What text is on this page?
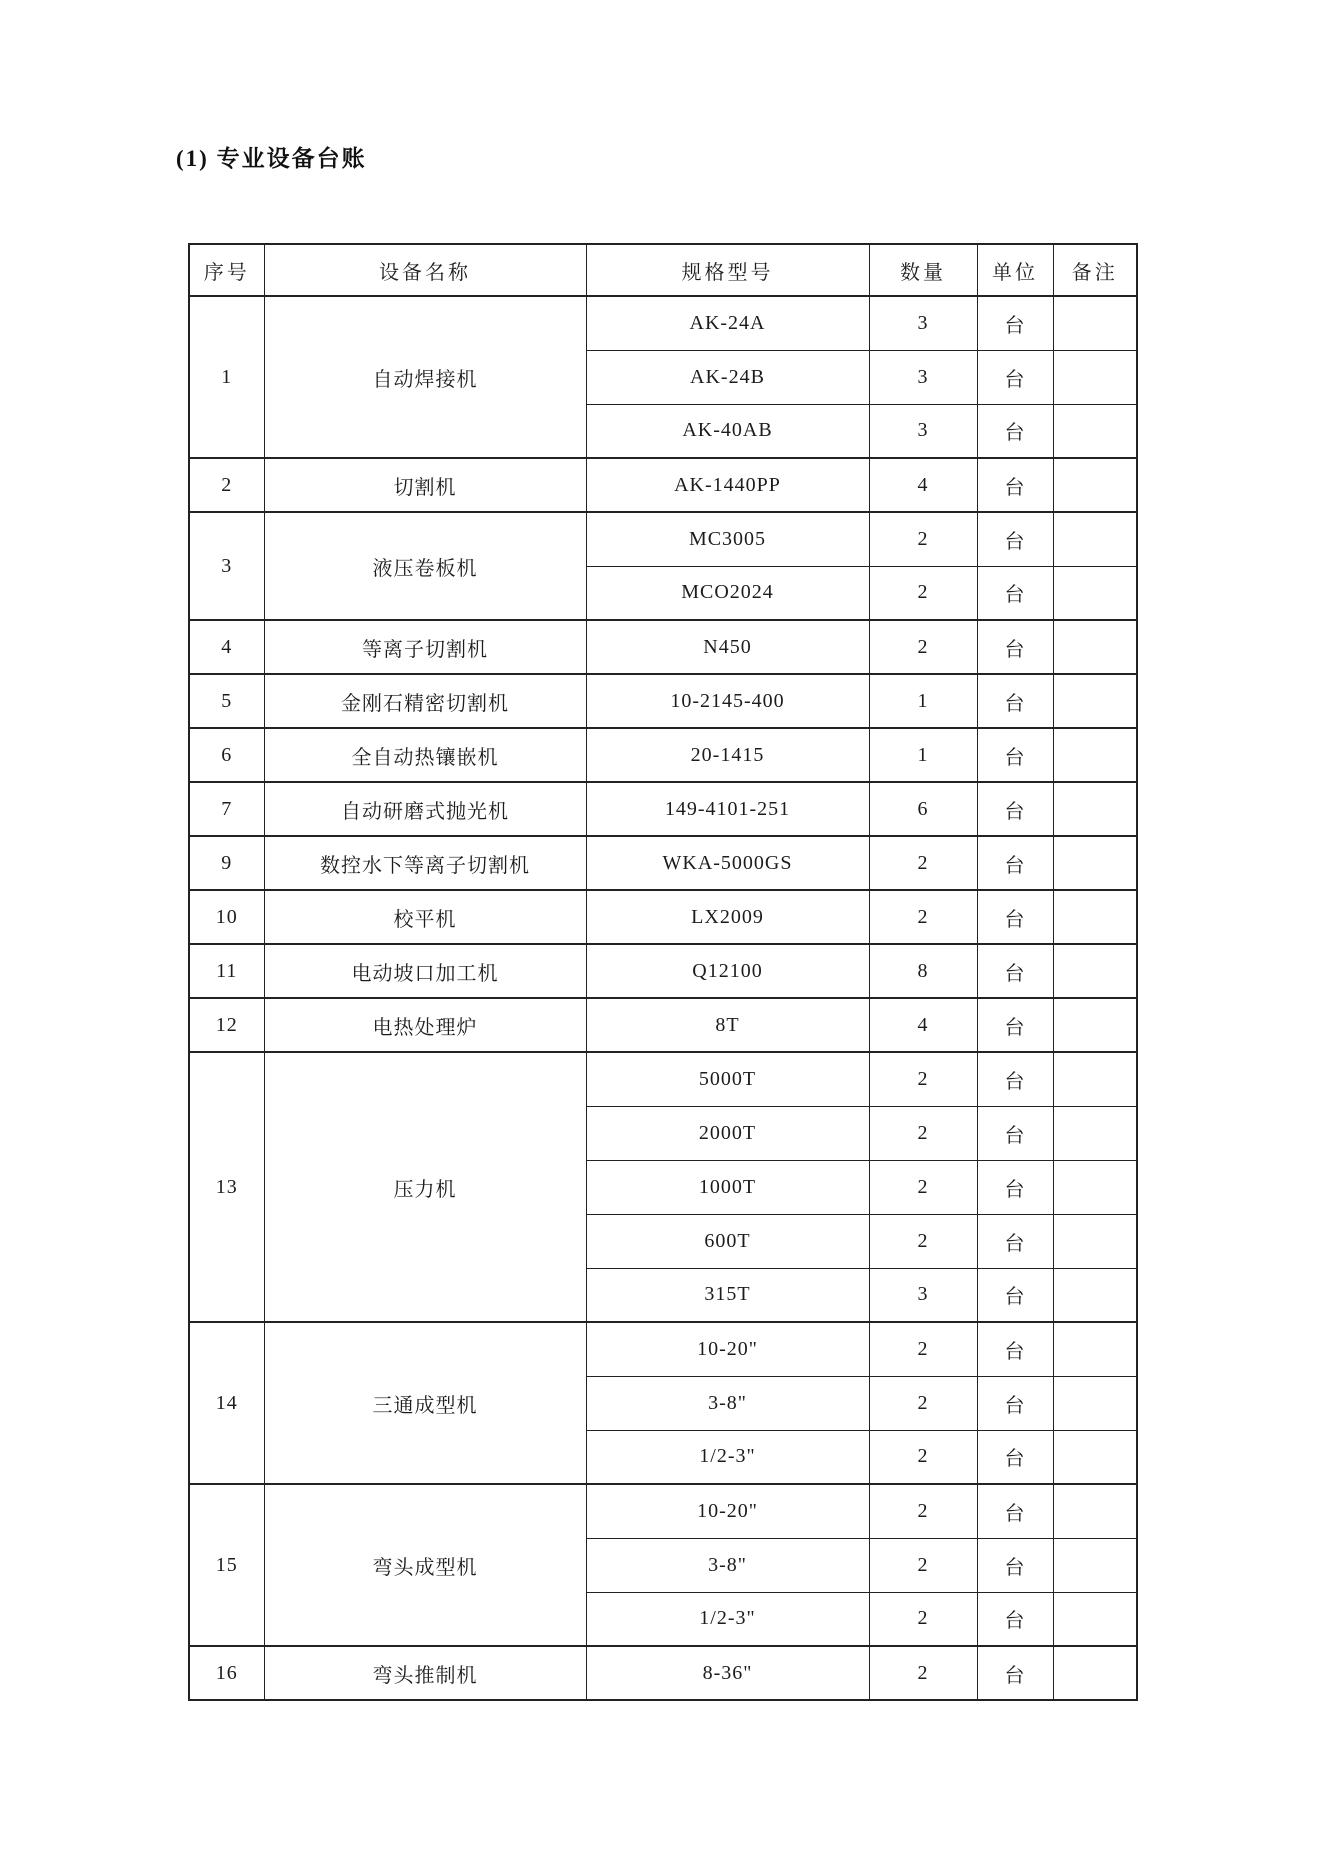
(1) 专业设备台账
序号	设备名称	规格型号	数量	单位	备注
1	自动焊接机	AK-24A	3	台	
		AK-24B	3	台	
		AK-40AB	3	台	
2	切割机	AK-1440PP	4	台	
3	液压卷板机	MC3005	2	台	
		MCO2024	2	台	
4	等离子切割机	N450	2	台	
5	金刚石精密切割机	10-2145-400	1	台	
6	全自动热镶嵌机	20-1415	1	台	
7	自动研磨式抛光机	149-4101-251	6	台	
9	数控水下等离子切割机	WKA-5000GS	2	台	
10	校平机	LX2009	2	台	
11	电动坡口加工机	Q12100	8	台	
12	电热处理炉	8T	4	台	
13	压力机	5000T	2	台	
		2000T	2	台	
		1000T	2	台	
		600T	2	台	
		315T	3	台	
14	三通成型机	10-20"	2	台	
		3-8"	2	台	
		1/2-3"	2	台	
15	弯头成型机	10-20"	2	台	
		3-8"	2	台	
		1/2-3"	2	台	
16	弯头推制机	8-36"	2	台	
